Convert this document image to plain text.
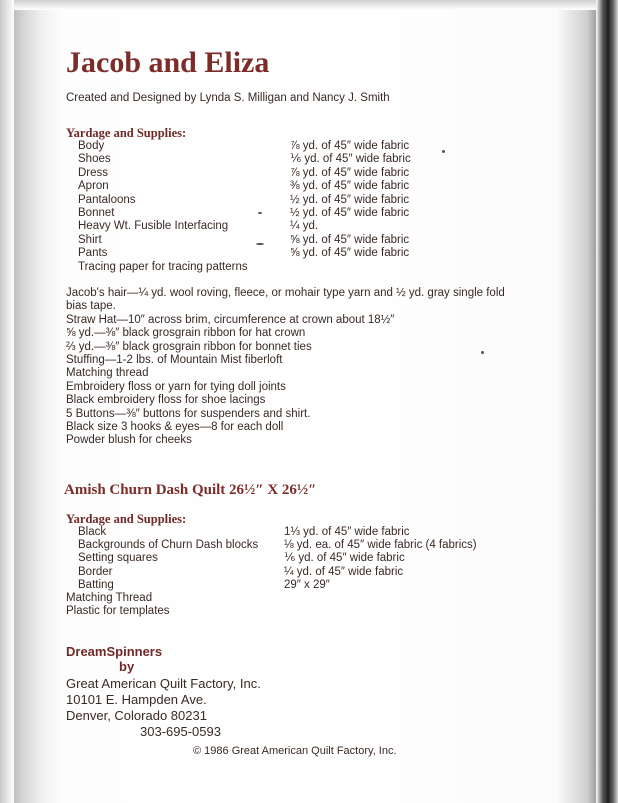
Jacob and Eliza
Created and Designed by Lynda S. Milligan and Nancy J. Smith
Yardage and Supplies:
Body	⅞ yd. of 45″ wide fabric
Shoes	⅙ yd. of 45″ wide fabric
Dress	⅞ yd. of 45″ wide fabric
Apron	⅜ yd. of 45″ wide fabric
Pantaloons	½ yd. of 45″ wide fabric
Bonnet	½ yd. of 45″ wide fabric
Heavy Wt. Fusible Interfacing	¼ yd.
Shirt	⅝ yd. of 45″ wide fabric
Pants	⅝ yd. of 45″ wide fabric
Tracing paper for tracing patterns
Jacob's hair—¼ yd. wool roving, fleece, or mohair type yarn and ½ yd. gray single fold
bias tape.
Straw Hat—10″ across brim, circumference at crown about 18½″
⅝ yd.—⅜″ black grosgrain ribbon for hat crown
⅔ yd.—⅜″ black grosgrain ribbon for bonnet ties
Stuffing—1-2 lbs. of Mountain Mist fiberloft
Matching thread
Embroidery floss or yarn for tying doll joints
Black embroidery floss for shoe lacings
5 Buttons—⅜″ buttons for suspenders and shirt.
Black size 3 hooks & eyes—8 for each doll
Powder blush for cheeks
Amish Churn Dash Quilt 26½″ X 26½″
Yardage and Supplies:
Black	1⅓ yd. of 45″ wide fabric
Backgrounds of Churn Dash blocks ⅛ yd. ea. of 45″ wide fabric (4 fabrics)
Setting squares	⅙ yd. of 45″ wide fabric
Border	¼ yd. of 45″ wide fabric
Batting	29″ x 29″
Matching Thread
Plastic for templates
DreamSpinners
by
Great American Quilt Factory, Inc.
10101 E. Hampden Ave.
Denver, Colorado 80231
303-695-0593
© 1986 Great American Quilt Factory, Inc.
